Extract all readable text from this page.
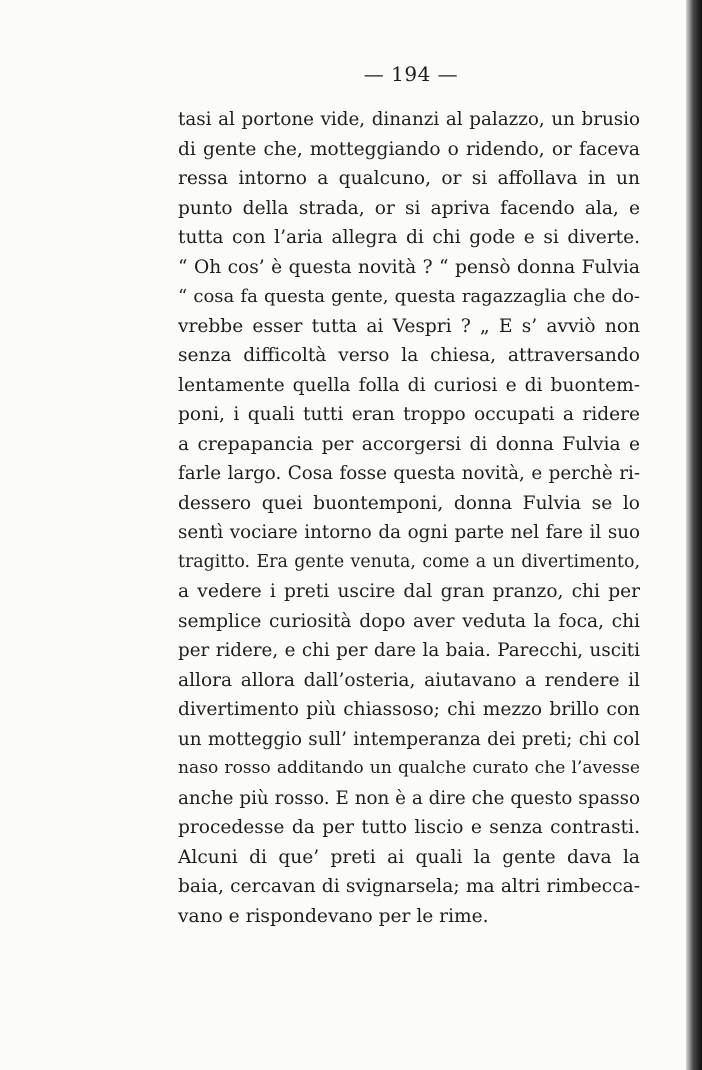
— 194 —
tasi al portone vide, dinanzi al palazzo, un brusio
di gente che, motteggiando o ridendo, or faceva
ressa intorno a qualcuno, or si affollava in un
punto della strada, or si apriva facendo ala, e
tutta con l’aria allegra di chi gode e si diverte.
“ Oh cos’ è questa novità ? “ pensò donna Fulvia
“ cosa fa questa gente, questa ragazzaglia che do-
vrebbe esser tutta ai Vespri ? „ E s’ avviò non
senza difficoltà verso la chiesa, attraversando
lentamente quella folla di curiosi e di buontem-
poni, i quali tutti eran troppo occupati a ridere
a crepapancia per accorgersi di donna Fulvia e
farle largo. Cosa fosse questa novità, e perchè ri-
dessero quei buontemponi, donna Fulvia se lo
sentì vociare intorno da ogni parte nel fare il suo
tragitto. Era gente venuta, come a un divertimento,
a vedere i preti uscire dal gran pranzo, chi per
semplice curiosità dopo aver veduta la foca, chi
per ridere, e chi per dare la baia. Parecchi, usciti
allora allora dall’osteria, aiutavano a rendere il
divertimento più chiassoso; chi mezzo brillo con
un motteggio sull’ intemperanza dei preti; chi col
naso rosso additando un qualche curato che l’avesse
anche più rosso. E non è a dire che questo spasso
procedesse da per tutto liscio e senza contrasti.
Alcuni di que’ preti ai quali la gente dava la
baia, cercavan di svignarsela; ma altri rimbecca-
vano e rispondevano per le rime.
